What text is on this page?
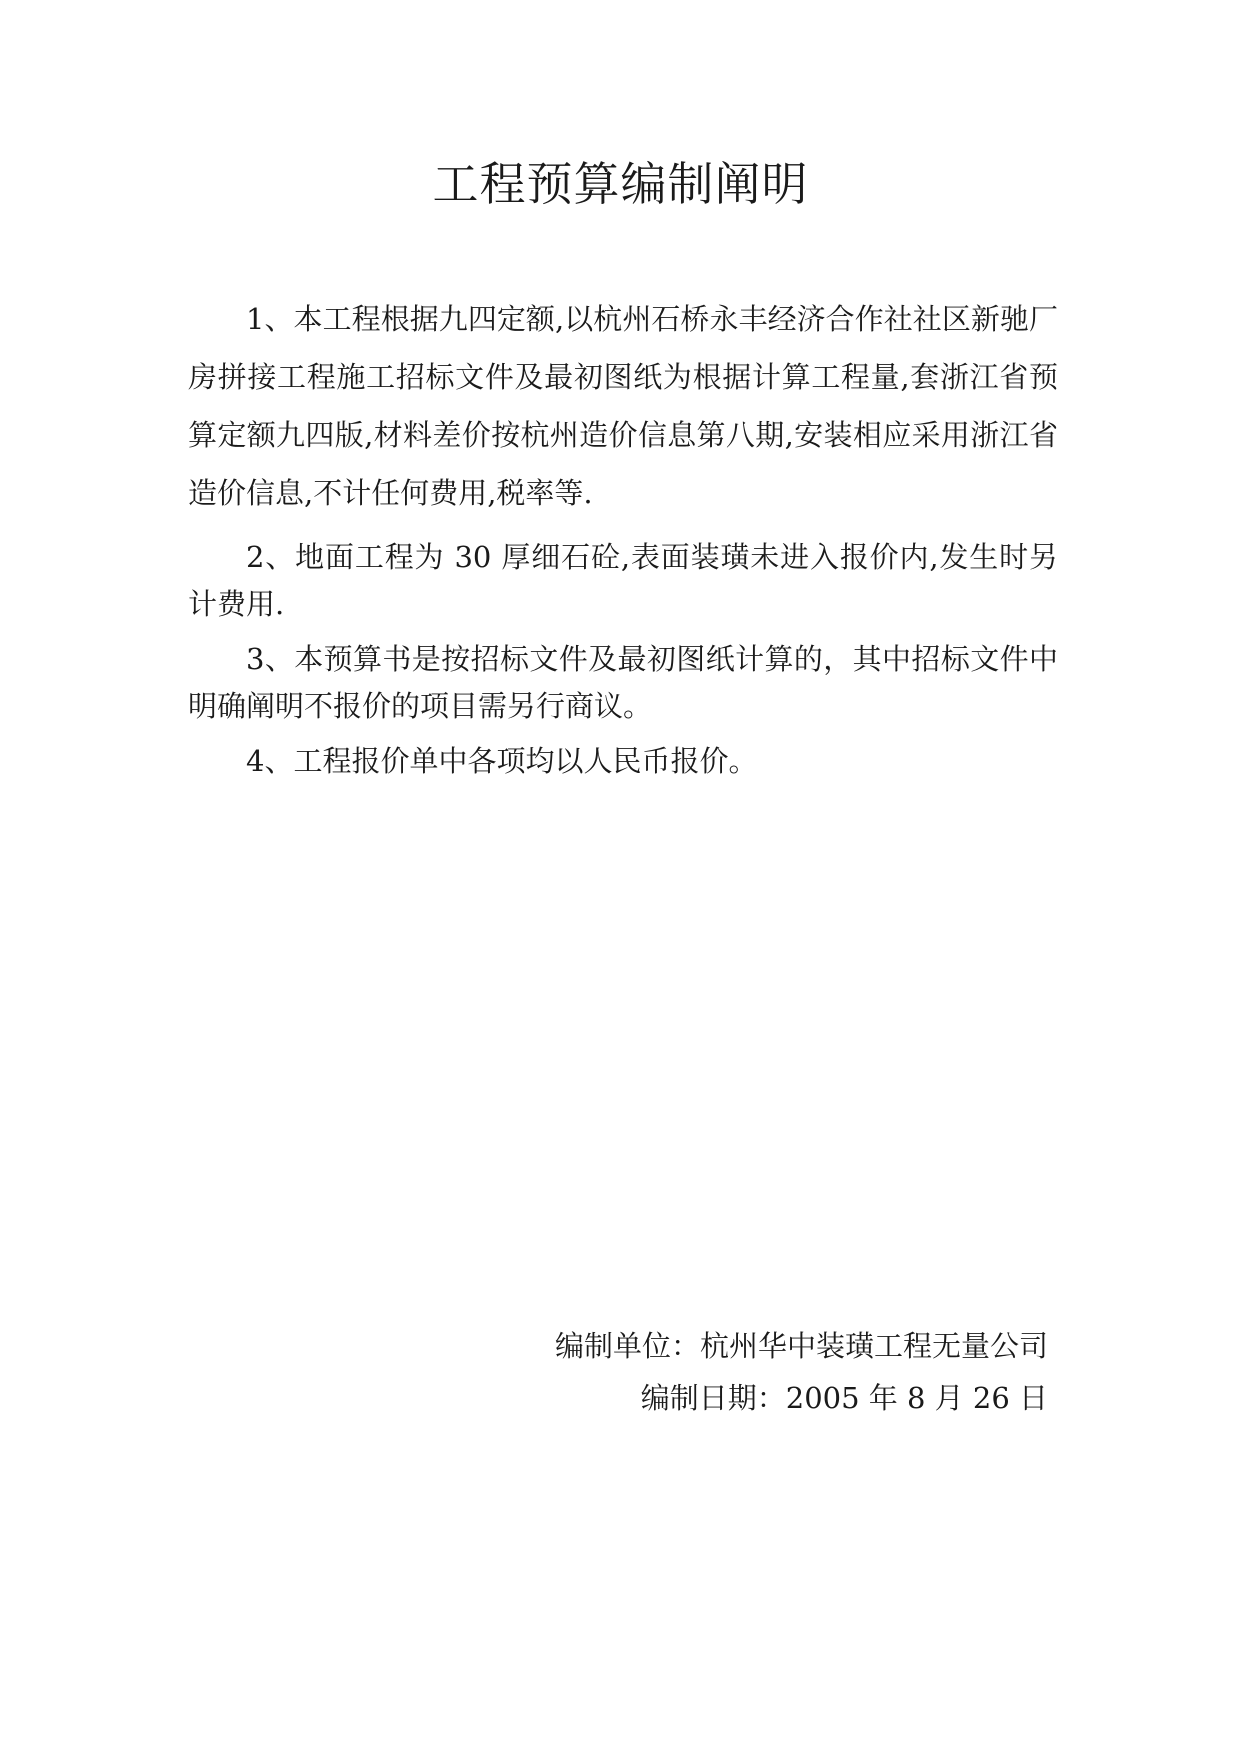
工程预算编制阐明

1、本工程根据九四定额,以杭州石桥永丰经济合作社社区新驰厂房拼接工程施工招标文件及最初图纸为根据计算工程量,套浙江省预算定额九四版,材料差价按杭州造价信息第八期,安装相应采用浙江省造价信息,不计任何费用,税率等.

2、地面工程为 30 厚细石砼,表面装璜未进入报价内,发生时另计费用.

3、本预算书是按招标文件及最初图纸计算的，其中招标文件中明确阐明不报价的项目需另行商议。

4、工程报价单中各项均以人民币报价。

编制单位：杭州华中装璜工程无量公司
编制日期：2005 年 8 月 26 日
